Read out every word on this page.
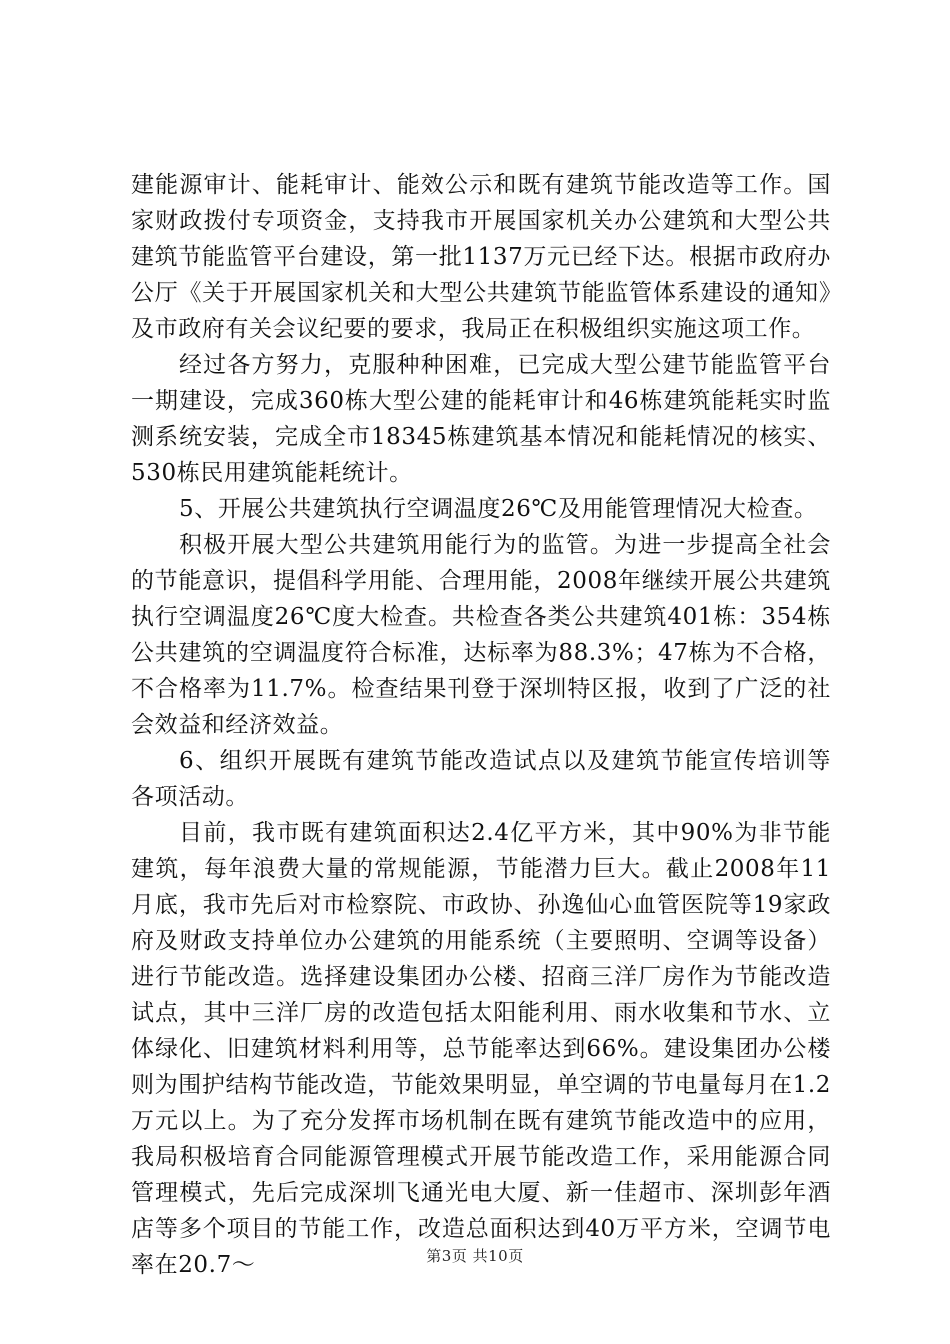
建能源审计、能耗审计、能效公示和既有建筑节能改造等工作。国家财政拨付专项资金，支持我市开展国家机关办公建筑和大型公共建筑节能监管平台建设，第一批1137万元已经下达。根据市政府办公厅《关于开展国家机关和大型公共建筑节能监管体系建设的通知》及市政府有关会议纪要的要求，我局正在积极组织实施这项工作。

经过各方努力，克服种种困难，已完成大型公建节能监管平台一期建设，完成360栋大型公建的能耗审计和46栋建筑能耗实时监测系统安装，完成全市18345栋建筑基本情况和能耗情况的核实、530栋民用建筑能耗统计。

5、开展公共建筑执行空调温度26℃及用能管理情况大检查。

积极开展大型公共建筑用能行为的监管。为进一步提高全社会的节能意识，提倡科学用能、合理用能，2008年继续开展公共建筑执行空调温度26℃度大检查。共检查各类公共建筑401栋：354栋公共建筑的空调温度符合标准，达标率为88.3%；47栋为不合格，不合格率为11.7%。检查结果刊登于深圳特区报，收到了广泛的社会效益和经济效益。

6、组织开展既有建筑节能改造试点以及建筑节能宣传培训等各项活动。

目前，我市既有建筑面积达2.4亿平方米，其中90%为非节能建筑，每年浪费大量的常规能源，节能潜力巨大。截止2008年11月底，我市先后对市检察院、市政协、孙逸仙心血管医院等19家政府及财政支持单位办公建筑的用能系统（主要照明、空调等设备）进行节能改造。选择建设集团办公楼、招商三洋厂房作为节能改造试点，其中三洋厂房的改造包括太阳能利用、雨水收集和节水、立体绿化、旧建筑材料利用等，总节能率达到66%。建设集团办公楼则为围护结构节能改造，节能效果明显，单空调的节电量每月在1.2万元以上。为了充分发挥市场机制在既有建筑节能改造中的应用，我局积极培育合同能源管理模式开展节能改造工作，采用能源合同管理模式，先后完成深圳飞通光电大厦、新一佳超市、深圳彭年酒店等多个项目的节能工作，改造总面积达到40万平方米，空调节电率在20.7～	第3页 共10页
